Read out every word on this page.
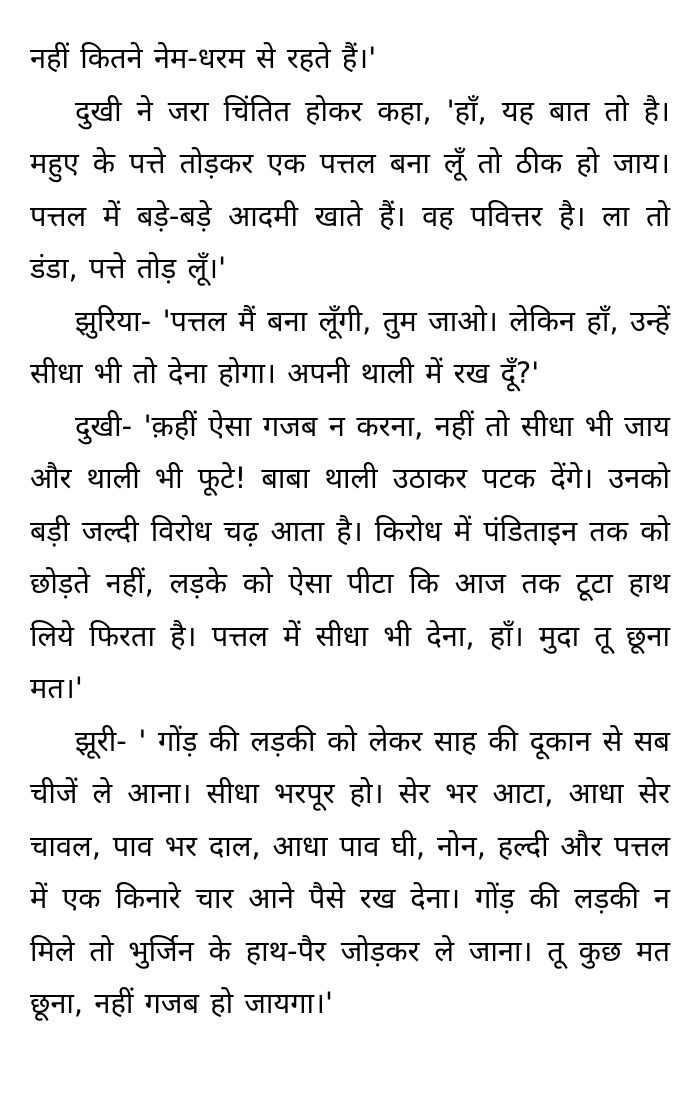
नहीं कितने नेम-धरम से रहते हैं।'

दुखी ने जरा चिंतित होकर कहा, 'हाँ, यह बात तो है। महुए के पत्ते तोड़कर एक पत्तल बना लूँ तो ठीक हो जाय। पत्तल में बड़े-बड़े आदमी खाते हैं। वह पवित्तर है। ला तो डंडा, पत्ते तोड़ लूँ।'

झुरिया- 'पत्तल मैं बना लूँगी, तुम जाओ। लेकिन हाँ, उन्हें सीधा भी तो देना होगा। अपनी थाली में रख दूँ?'

दुखी- 'क़हीं ऐसा गजब न करना, नहीं तो सीधा भी जाय और थाली भी फूटे! बाबा थाली उठाकर पटक देंगे। उनको बड़ी जल्दी विरोध चढ़ आता है। किरोध में पंडिताइन तक को छोड़ते नहीं, लड़के को ऐसा पीटा कि आज तक टूटा हाथ लिये फिरता है। पत्तल में सीधा भी देना, हाँ। मुदा तू छूना मत।'

झूरी- ' गोंड़ की लड़की को लेकर साह की दूकान से सब चीजें ले आना। सीधा भरपूर हो। सेर भर आटा, आधा सेर चावल, पाव भर दाल, आधा पाव घी, नोन, हल्दी और पत्तल में एक किनारे चार आने पैसे रख देना। गोंड़ की लड़की न मिले तो भुर्जिन के हाथ-पैर जोड़कर ले जाना। तू कुछ मत छूना, नहीं गजब हो जायगा।'
